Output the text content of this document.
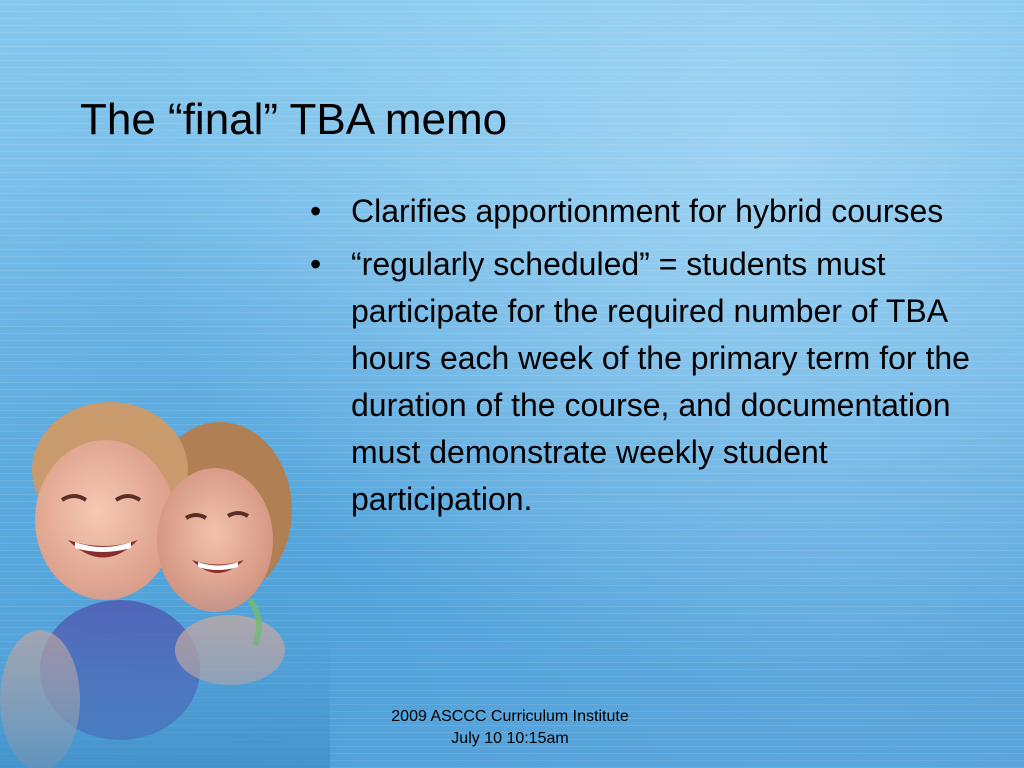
The “final” TBA memo
• Clarifies apportionment for hybrid courses
• “regularly scheduled” = students must participate for the required number of TBA hours each week of the primary term for the duration of the course, and documentation must demonstrate weekly student participation.
2009 ASCCC Curriculum Institute
July 10 10:15am
